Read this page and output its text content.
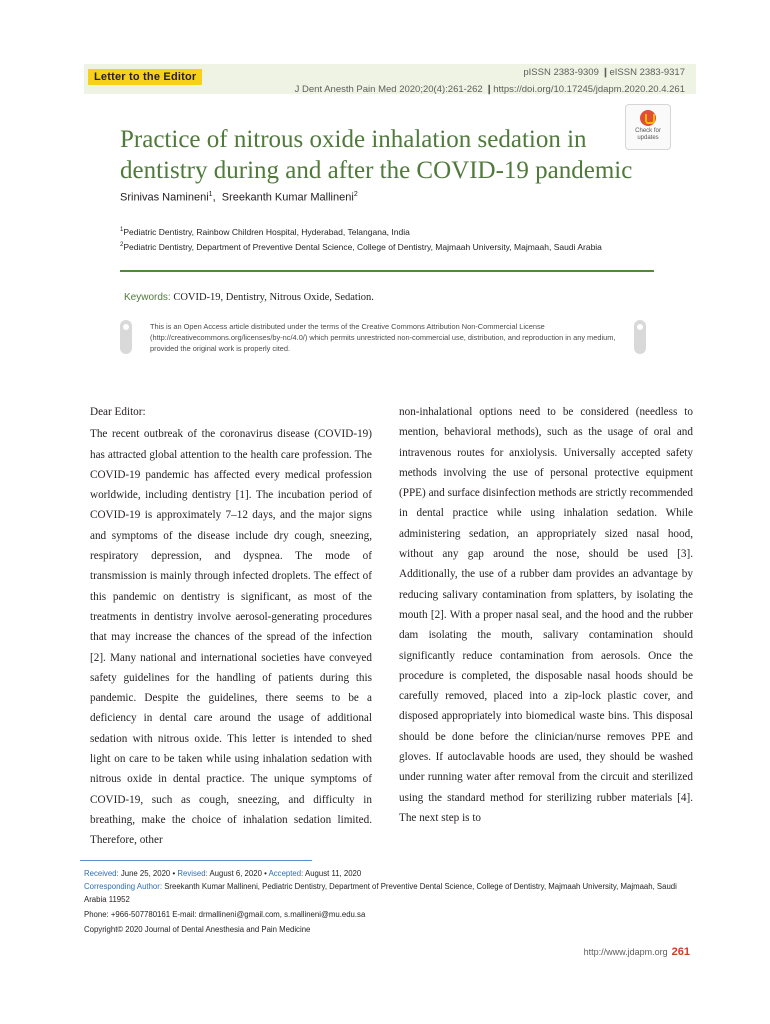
Letter to the Editor	pISSN 2383-9309 ❙eISSN 2383-9317
J Dent Anesth Pain Med 2020;20(4):261-262 ❙https://doi.org/10.17245/jdapm.2020.20.4.261
Practice of nitrous oxide inhalation sedation in dentistry during and after the COVID-19 pandemic
Check for updates
Srinivas Namineni$^1$,  Sreekanth Kumar Mallineni$^2$
$^1$Pediatric Dentistry, Rainbow Children Hospital, Hyderabad, Telangana, India
$^2$Pediatric Dentistry, Department of Preventive Dental Science, College of Dentistry, Majmaah University, Majmaah, Saudi Arabia
Keywords: COVID-19, Dentistry, Nitrous Oxide, Sedation.
This is an Open Access article distributed under the terms of the Creative Commons Attribution Non-Commercial License (http://creativecommons.org/licenses/by-nc/4.0/) which permits unrestricted non-commercial use, distribution, and reproduction in any medium, provided the original work is properly cited.

Dear Editor:

The recent outbreak of the coronavirus disease (COVID-19) has attracted global attention to the health care profession. The COVID-19 pandemic has affected every medical profession worldwide, including dentistry [1]. The incubation period of COVID-19 is approximately 7–12 days, and the major signs and symptoms of the disease include dry cough, sneezing, respiratory depression, and dyspnea. The mode of transmission is mainly through infected droplets. The effect of this pandemic on dentistry is significant, as most of the treatments in dentistry involve aerosol-generating procedures that may increase the chances of the spread of the infection [2]. Many national and international societies have conveyed safety guidelines for the handling of patients during this pandemic. Despite the guidelines, there seems to be a deficiency in dental care around the usage of additional sedation with nitrous oxide. This letter is intended to shed light on care to be taken while using inhalation sedation with nitrous oxide in dental practice. The unique symptoms of COVID-19, such as cough, sneezing, and difficulty in breathing, make the choice of inhalation sedation limited. Therefore, other

non-inhalational options need to be considered (needless to mention, behavioral methods), such as the usage of oral and intravenous routes for anxiolysis. Universally accepted safety methods involving the use of personal protective equipment (PPE) and surface disinfection methods are strictly recommended in dental practice while using inhalation sedation. While administering sedation, an appropriately sized nasal hood, without any gap around the nose, should be used [3]. Additionally, the use of a rubber dam provides an advantage by reducing salivary contamination from splatters, by isolating the mouth [2]. With a proper nasal seal, and the hood and the rubber dam isolating the mouth, salivary contamination should significantly reduce contamination from aerosols. Once the procedure is completed, the disposable nasal hoods should be carefully removed, placed into a zip-lock plastic cover, and disposed appropriately into biomedical waste bins. This disposal should be done before the clinician/nurse removes PPE and gloves. If autoclavable hoods are used, they should be washed under running water after removal from the circuit and sterilized using the standard method for sterilizing rubber materials [4]. The next step is to

Received: June 25, 2020 • Revised: August 6, 2020 • Accepted: August 11, 2020
Corresponding Author: Sreekanth Kumar Mallineni, Pediatric Dentistry, Department of Preventive Dental Science, College of Dentistry, Majmaah University, Majmaah, Saudi Arabia 11952
Phone: +966-507780161 E-mail: drmallineni@gmail.com, s.mallineni@mu.edu.sa
Copyright© 2020 Journal of Dental Anesthesia and Pain Medicine
http://www.jdapm.org 261
